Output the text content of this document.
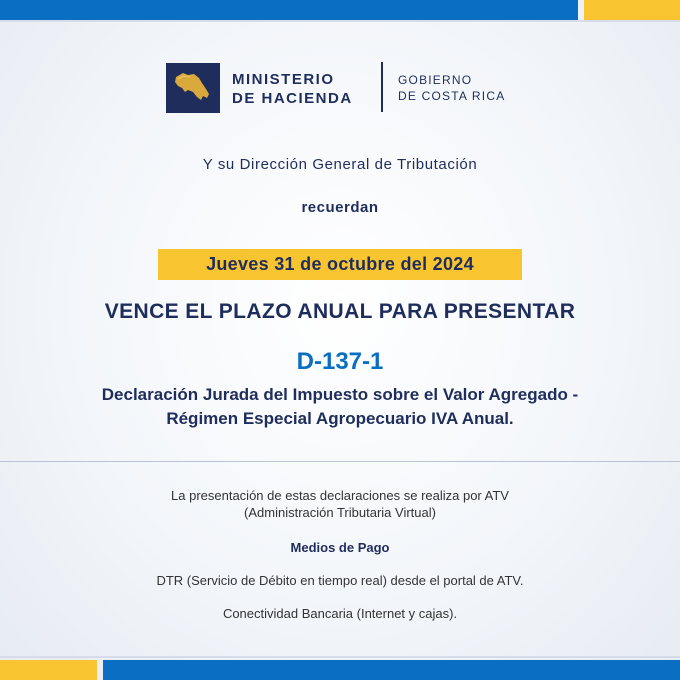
MINISTERIO
DE HACIENDA
GOBIERNO
DE COSTA RICA
Y su Dirección General de Tributación
recuerdan
Jueves 31 de octubre del 2024
VENCE EL PLAZO ANUAL PARA PRESENTAR
D-137-1
Declaración Jurada del Impuesto sobre el Valor Agregado -
Régimen Especial Agropecuario IVA Anual.
La presentación de estas declaraciones se realiza por ATV
(Administración Tributaria Virtual)
Medios de Pago
DTR (Servicio de Débito en tiempo real) desde el portal de ATV.
Conectividad Bancaria (Internet y cajas).
